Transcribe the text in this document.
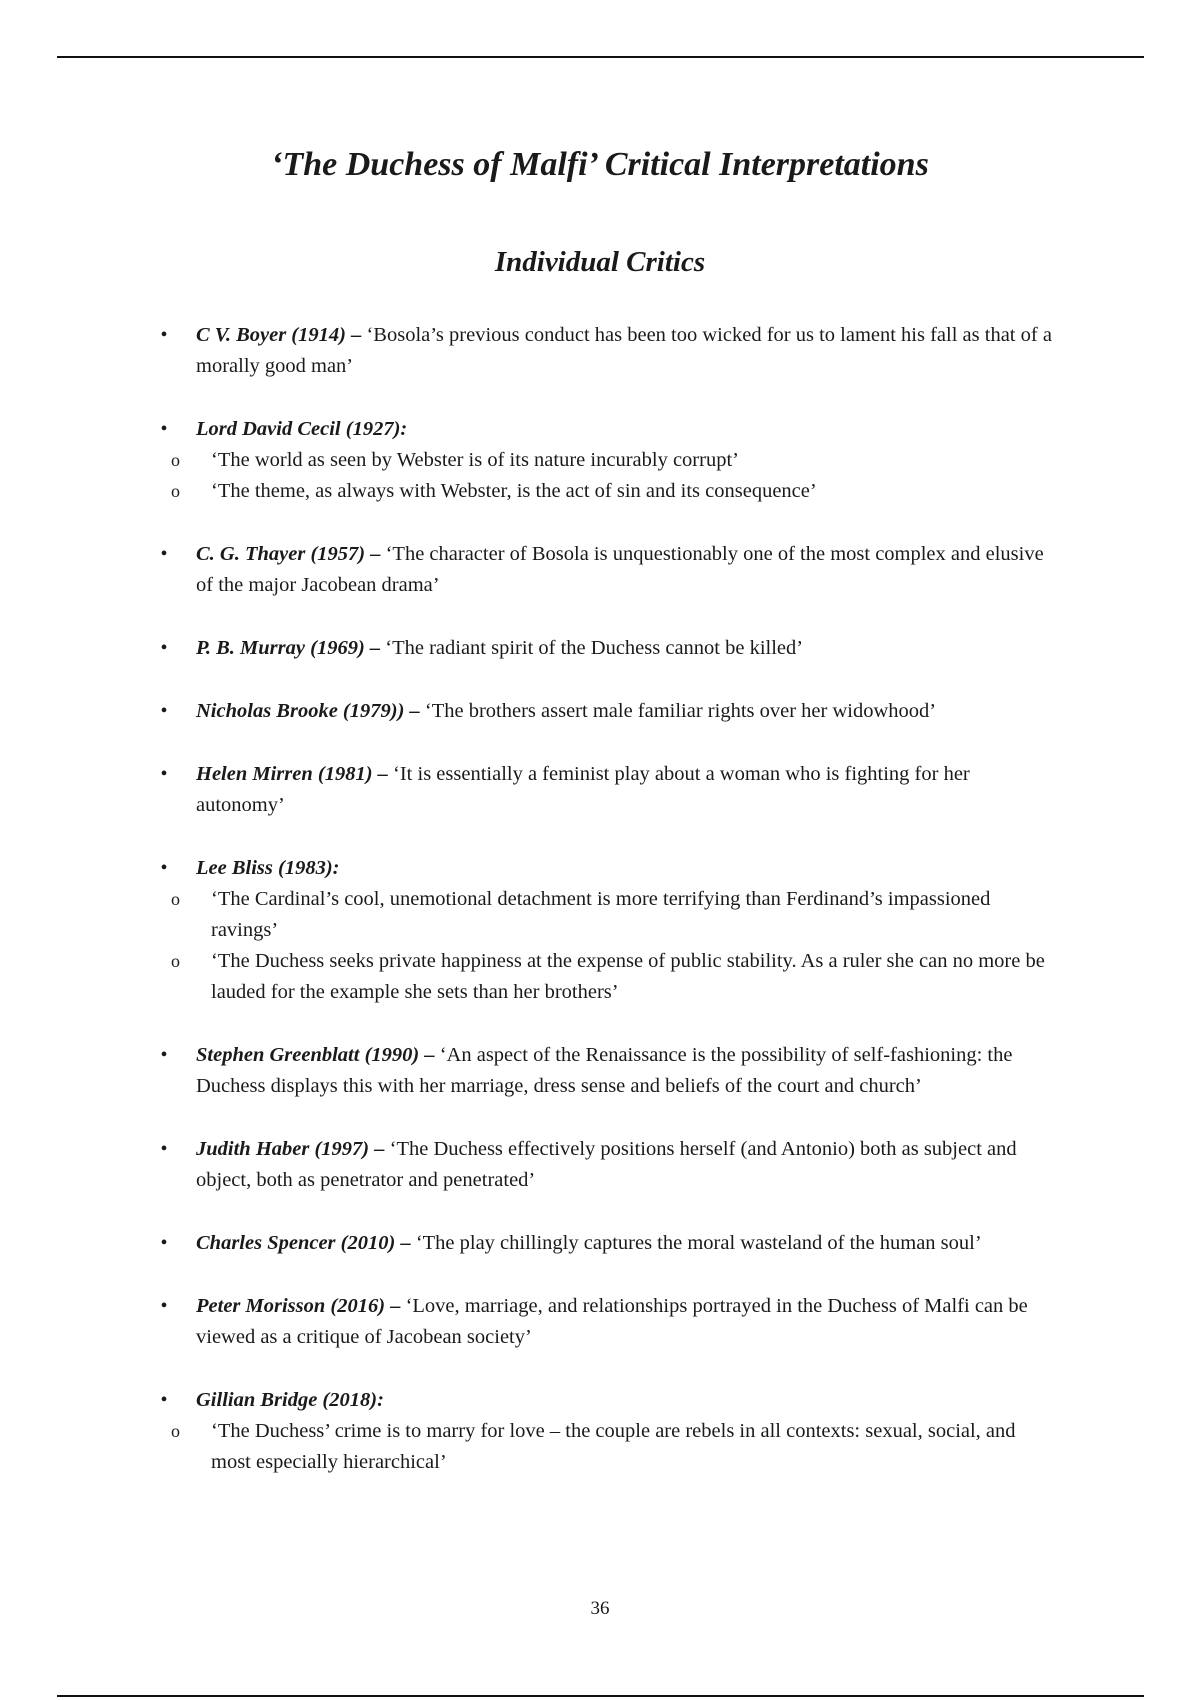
‘The Duchess of Malfi’ Critical Interpretations
Individual Critics
• C V. Boyer (1914) – ‘Bosola’s previous conduct has been too wicked for us to lament his fall as that of a morally good man’
• Lord David Cecil (1927):
o	‘The world as seen by Webster is of its nature incurably corrupt’
o	‘The theme, as always with Webster, is the act of sin and its consequence’
• C. G. Thayer (1957) – ‘The character of Bosola is unquestionably one of the most complex and elusive of the major Jacobean drama’
• P. B. Murray (1969) – ‘The radiant spirit of the Duchess cannot be killed’
• Nicholas Brooke (1979)) – ‘The brothers assert male familiar rights over her widowhood’
• Helen Mirren (1981) – ‘It is essentially a feminist play about a woman who is fighting for her autonomy’
• Lee Bliss (1983):
o	‘The Cardinal’s cool, unemotional detachment is more terrifying than Ferdinand’s impassioned ravings’
o	‘The Duchess seeks private happiness at the expense of public stability. As a ruler she can no more be lauded for the example she sets than her brothers’
• Stephen Greenblatt (1990) – ‘An aspect of the Renaissance is the possibility of self-fashioning: the Duchess displays this with her marriage, dress sense and beliefs of the court and church’
• Judith Haber (1997) – ‘The Duchess effectively positions herself (and Antonio) both as subject and object, both as penetrator and penetrated’
• Charles Spencer (2010) – ‘The play chillingly captures the moral wasteland of the human soul’
• Peter Morisson (2016) – ‘Love, marriage, and relationships portrayed in the Duchess of Malfi can be viewed as a critique of Jacobean society’
• Gillian Bridge (2018):
o	‘The Duchess’ crime is to marry for love – the couple are rebels in all contexts: sexual, social, and most especially hierarchical’
36
